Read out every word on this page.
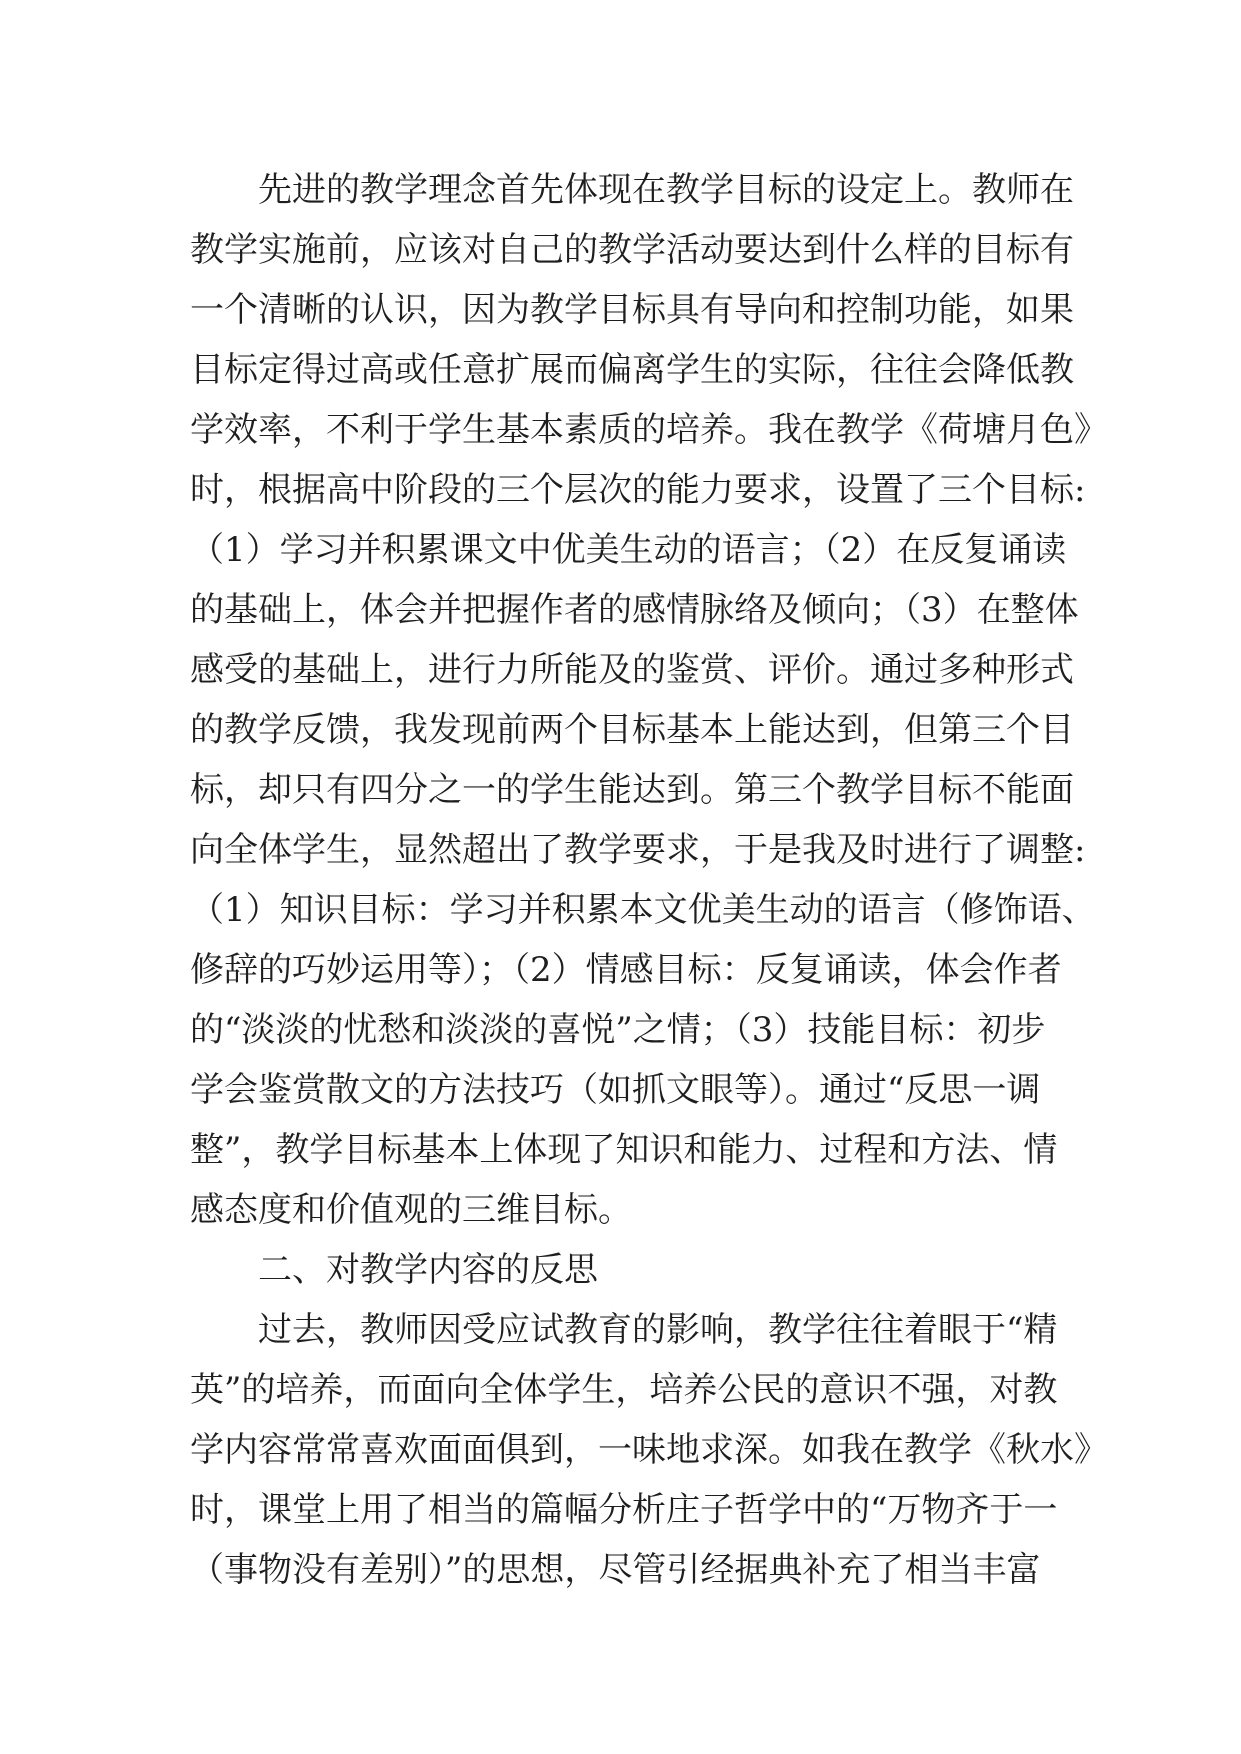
先进的教学理念首先体现在教学目标的设定上。教师在
教学实施前，应该对自己的教学活动要达到什么样的目标有
一个清晰的认识，因为教学目标具有导向和控制功能，如果
目标定得过高或任意扩展而偏离学生的实际，往往会降低教
学效率，不利于学生基本素质的培养。我在教学《荷塘月色》
时，根据高中阶段的三个层次的能力要求，设置了三个目标:
（1）学习并积累课文中优美生动的语言；（2）在反复诵读
的基础上，体会并把握作者的感情脉络及倾向；（3）在整体
感受的基础上，进行力所能及的鉴赏、评价。通过多种形式
的教学反馈，我发现前两个目标基本上能达到，但第三个目
标，却只有四分之一的学生能达到。第三个教学目标不能面
向全体学生，显然超出了教学要求，于是我及时进行了调整:
（1）知识目标：学习并积累本文优美生动的语言（修饰语、
修辞的巧妙运用等）；（2）情感目标：反复诵读，体会作者
的“淡淡的忧愁和淡淡的喜悦”之情；（3）技能目标：初步
学会鉴赏散文的方法技巧（如抓文眼等）。通过“反思一调
整”，教学目标基本上体现了知识和能力、过程和方法、情
感态度和价值观的三维目标。
二、对教学内容的反思
过去，教师因受应试教育的影响，教学往往着眼于“精
英”的培养，而面向全体学生，培养公民的意识不强，对教
学内容常常喜欢面面俱到，一味地求深。如我在教学《秋水》
时，课堂上用了相当的篇幅分析庄子哲学中的“万物齐于一
（事物没有差别）”的思想，尽管引经据典补充了相当丰富
